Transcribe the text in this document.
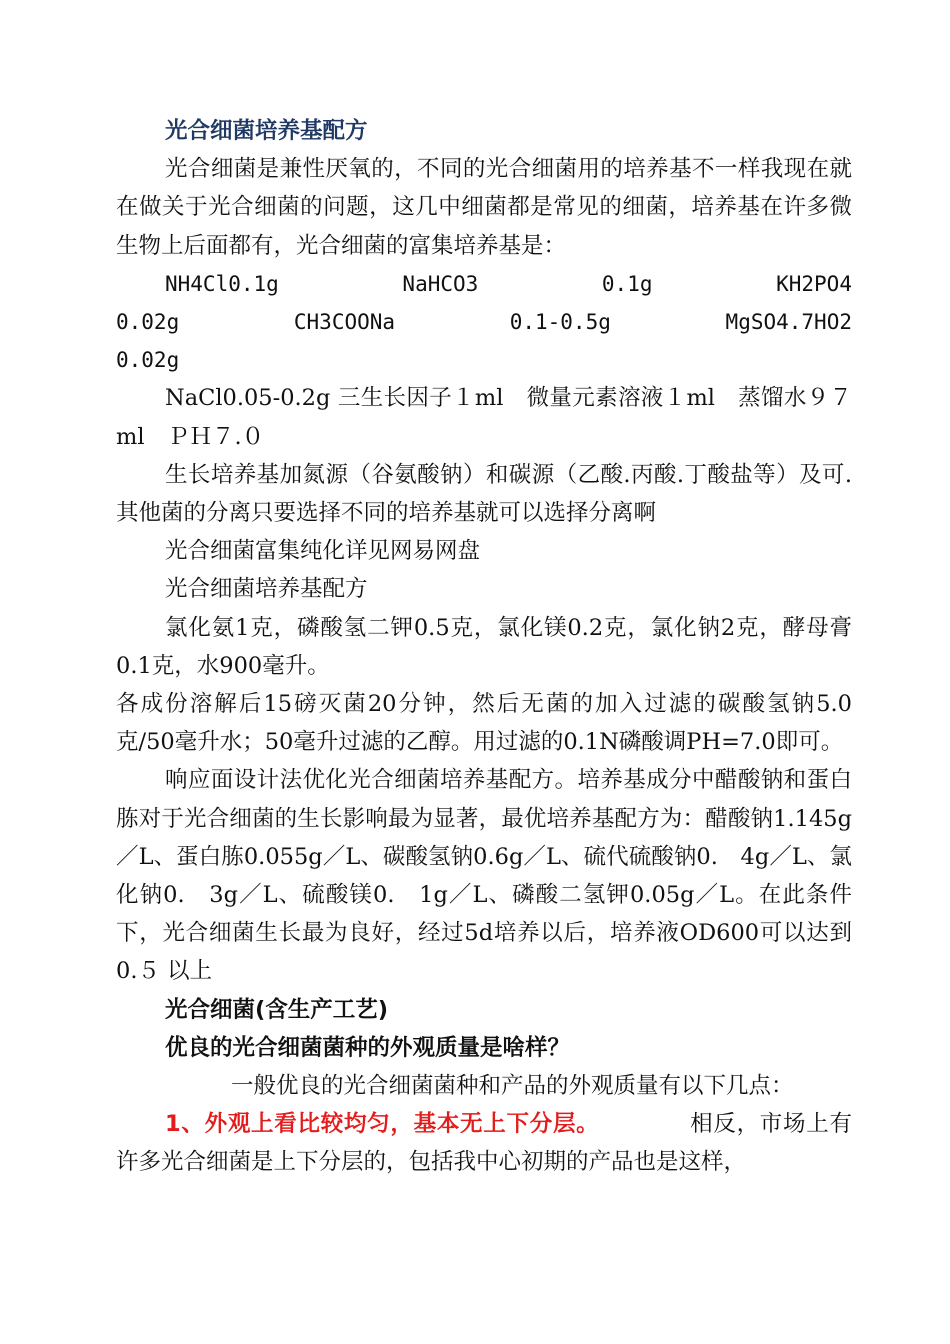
光合细菌培养基配方

光合细菌是兼性厌氧的，不同的光合细菌用的培养基不一样我现在就在做关于光合细菌的问题，这几中细菌都是常见的细菌，培养基在许多微生物上后面都有，光合细菌的富集培养基是：

NH4Cl0.1g	NaHCO3	0.1g	KH2PO4
0.02g	CH3COONa	0.1-0.5g	MgSO4.7HO2

0.02g

NaCl0.05-0.2g 三生长因子１ml　微量元素溶液１ml　蒸馏水９７ml　ＰＨ７.０

生长培养基加氮源（谷氨酸钠）和碳源（乙酸.丙酸.丁酸盐等）及可. 其他菌的分离只要选择不同的培养基就可以选择分离啊

光合细菌富集纯化详见网易网盘

光合细菌培养基配方

氯化氨1克，磷酸氢二钾0.5克，氯化镁0.2克，氯化钠2克，酵母膏0.1克，水900毫升。

各成份溶解后15磅灭菌20分钟，然后无菌的加入过滤的碳酸氢钠5.0克/50毫升水；50毫升过滤的乙醇。用过滤的0.1N磷酸调PH=7.0即可。

响应面设计法优化光合细菌培养基配方。培养基成分中醋酸钠和蛋白胨对于光合细菌的生长影响最为显著，最优培养基配方为：醋酸钠1.145g／L、蛋白胨0.055g／L、碳酸氢钠0.6g／L、硫代硫酸钠0.　4g／L、氯化钠0.　3g／L、硫酸镁0.　1g／L、磷酸二氢钾0.05g／L。在此条件下，光合细菌生长最为良好，经过5d培养以后，培养液OD600可以达到0.５ 以上

光合细菌(含生产工艺)

优良的光合细菌菌种的外观质量是啥样？

一般优良的光合细菌菌种和产品的外观质量有以下几点：

1、外观上看比较均匀，基本无上下分层。	相反，市场上有许多光合细菌是上下分层的，包括我中心初期的产品也是这样，
